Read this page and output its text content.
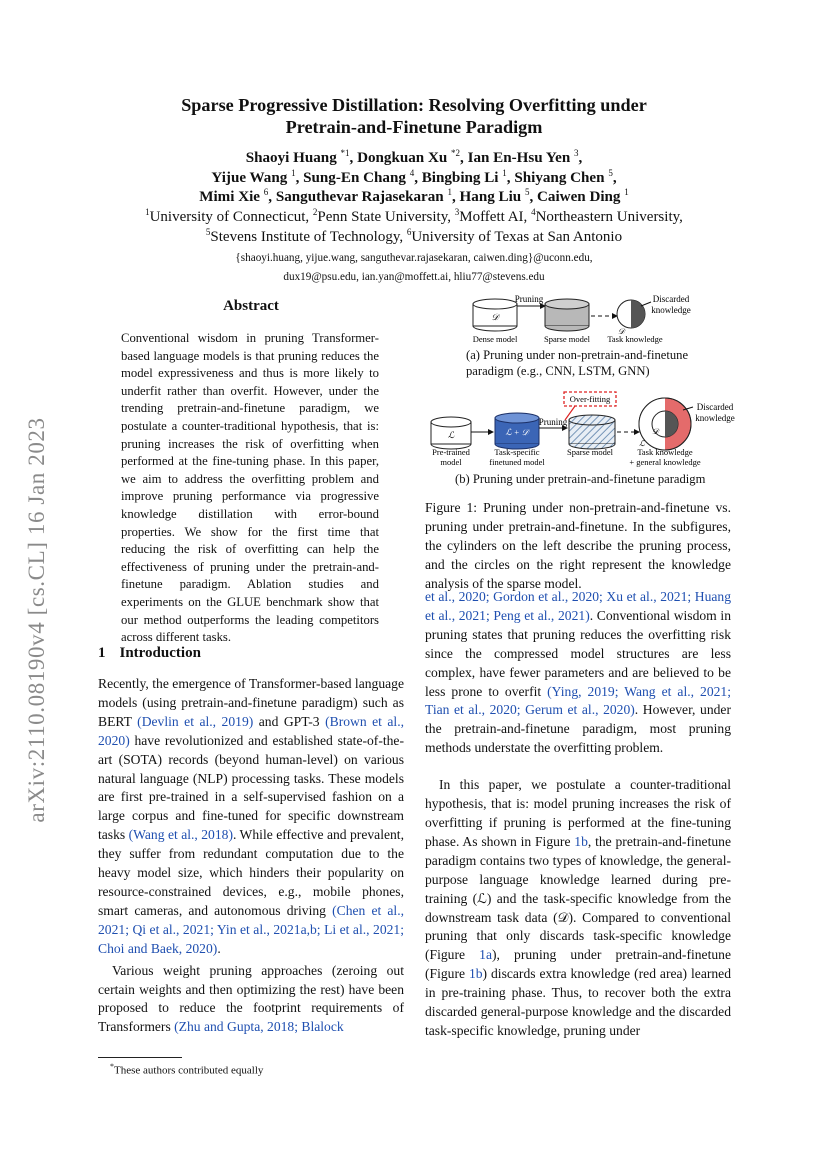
arXiv:2110.08190v4 [cs.CL] 16 Jan 2023
Sparse Progressive Distillation: Resolving Overfitting under
Pretrain-and-Finetune Paradigm
Shaoyi Huang $^{*1}$, Dongkuan Xu $^{*2}$, Ian En-Hsu Yen $^3$,
Yijue Wang $^1$, Sung-En Chang $^4$, Bingbing Li $^1$, Shiyang Chen $^5$,
Mimi Xie $^6$, Sanguthevar Rajasekaran $^1$, Hang Liu $^5$, Caiwen Ding $^1$
$^1$University of Connecticut, $^2$Penn State University, $^3$Moffett AI, $^4$Northeastern University,
$^5$Stevens Institute of Technology, $^6$University of Texas at San Antonio
{shaoyi.huang, yijue.wang, sanguthevar.rajasekaran, caiwen.ding}@uconn.edu,
dux19@psu.edu, ian.yan@moffett.ai, hliu77@stevens.edu
Abstract
Conventional wisdom in pruning Transformer-based language models is that pruning reduces the model expressiveness and thus is more likely to underfit rather than overfit. However, under the trending pretrain-and-finetune paradigm, we postulate a counter-traditional hypothesis, that is: pruning increases the risk of overfitting when performed at the fine-tuning phase. In this paper, we aim to address the overfitting problem and improve pruning performance via progressive knowledge distillation with error-bound properties. We show for the first time that reducing the risk of overfitting can help the effectiveness of pruning under the pretrain-and-finetune paradigm. Ablation studies and experiments on the GLUE benchmark show that our method outperforms the leading competitors across different tasks.
1 Introduction

Recently, the emergence of Transformer-based language models (using pretrain-and-finetune paradigm) such as BERT (Devlin et al., 2019) and GPT-3 (Brown et al., 2020) have revolutionized and established state-of-the-art (SOTA) records (beyond human-level) on various natural language (NLP) processing tasks. These models are first pre-trained in a self-supervised fashion on a large corpus and fine-tuned for specific downstream tasks (Wang et al., 2018). While effective and prevalent, they suffer from redundant computation due to the heavy model size, which hinders their popularity on resource-constrained devices, e.g., mobile phones, smart cameras, and autonomous driving (Chen et al., 2021; Qi et al., 2021; Yin et al., 2021a,b; Li et al., 2021; Choi and Baek, 2020).

Various weight pruning approaches (zeroing out certain weights and then optimizing the rest) have been proposed to reduce the footprint requirements of Transformers (Zhu and Gupta, 2018; Blalock

*These authors contributed equally
𝒟
Pruning
𝒟
Discarded
knowledge
Dense model	Sparse model Task knowledge
ℒ	ℒ + 𝒟
Pruning
Over-fitting
𝒟
ℒ
Discarded
knowledge
Pre-trained
model
Task-specific
finetuned model
Sparse model	Task knowledge
+ general knowledge
(a) Pruning under non-pretrain-and-finetune
paradigm (e.g., CNN, LSTM, GNN)
(b) Pruning under pretrain-and-finetune paradigm
Figure 1: Pruning under non-pretrain-and-finetune vs. pruning under pretrain-and-finetune. In the subfigures, the cylinders on the left describe the pruning process, and the circles on the right represent the knowledge analysis of the sparse model.

et al., 2020; Gordon et al., 2020; Xu et al., 2021; Huang et al., 2021; Peng et al., 2021). Conventional wisdom in pruning states that pruning reduces the overfitting risk since the compressed model structures are less complex, have fewer parameters and are believed to be less prone to overfit (Ying, 2019; Wang et al., 2021; Tian et al., 2020; Gerum et al., 2020). However, under the pretrain-and-finetune paradigm, most pruning methods understate the overfitting problem.

In this paper, we postulate a counter-traditional hypothesis, that is: model pruning increases the risk of overfitting if pruning is performed at the fine-tuning phase. As shown in Figure 1b, the pretrain-and-finetune paradigm contains two types of knowledge, the general-purpose language knowledge learned during pre-training (ℒ) and the task-specific knowledge from the downstream task data (𝒟). Compared to conventional pruning that only discards task-specific knowledge (Figure 1a), pruning under pretrain-and-finetune (Figure 1b) discards extra knowledge (red area) learned in pre-training phase. Thus, to recover both the extra discarded general-purpose knowledge and the discarded task-specific knowledge, pruning under
